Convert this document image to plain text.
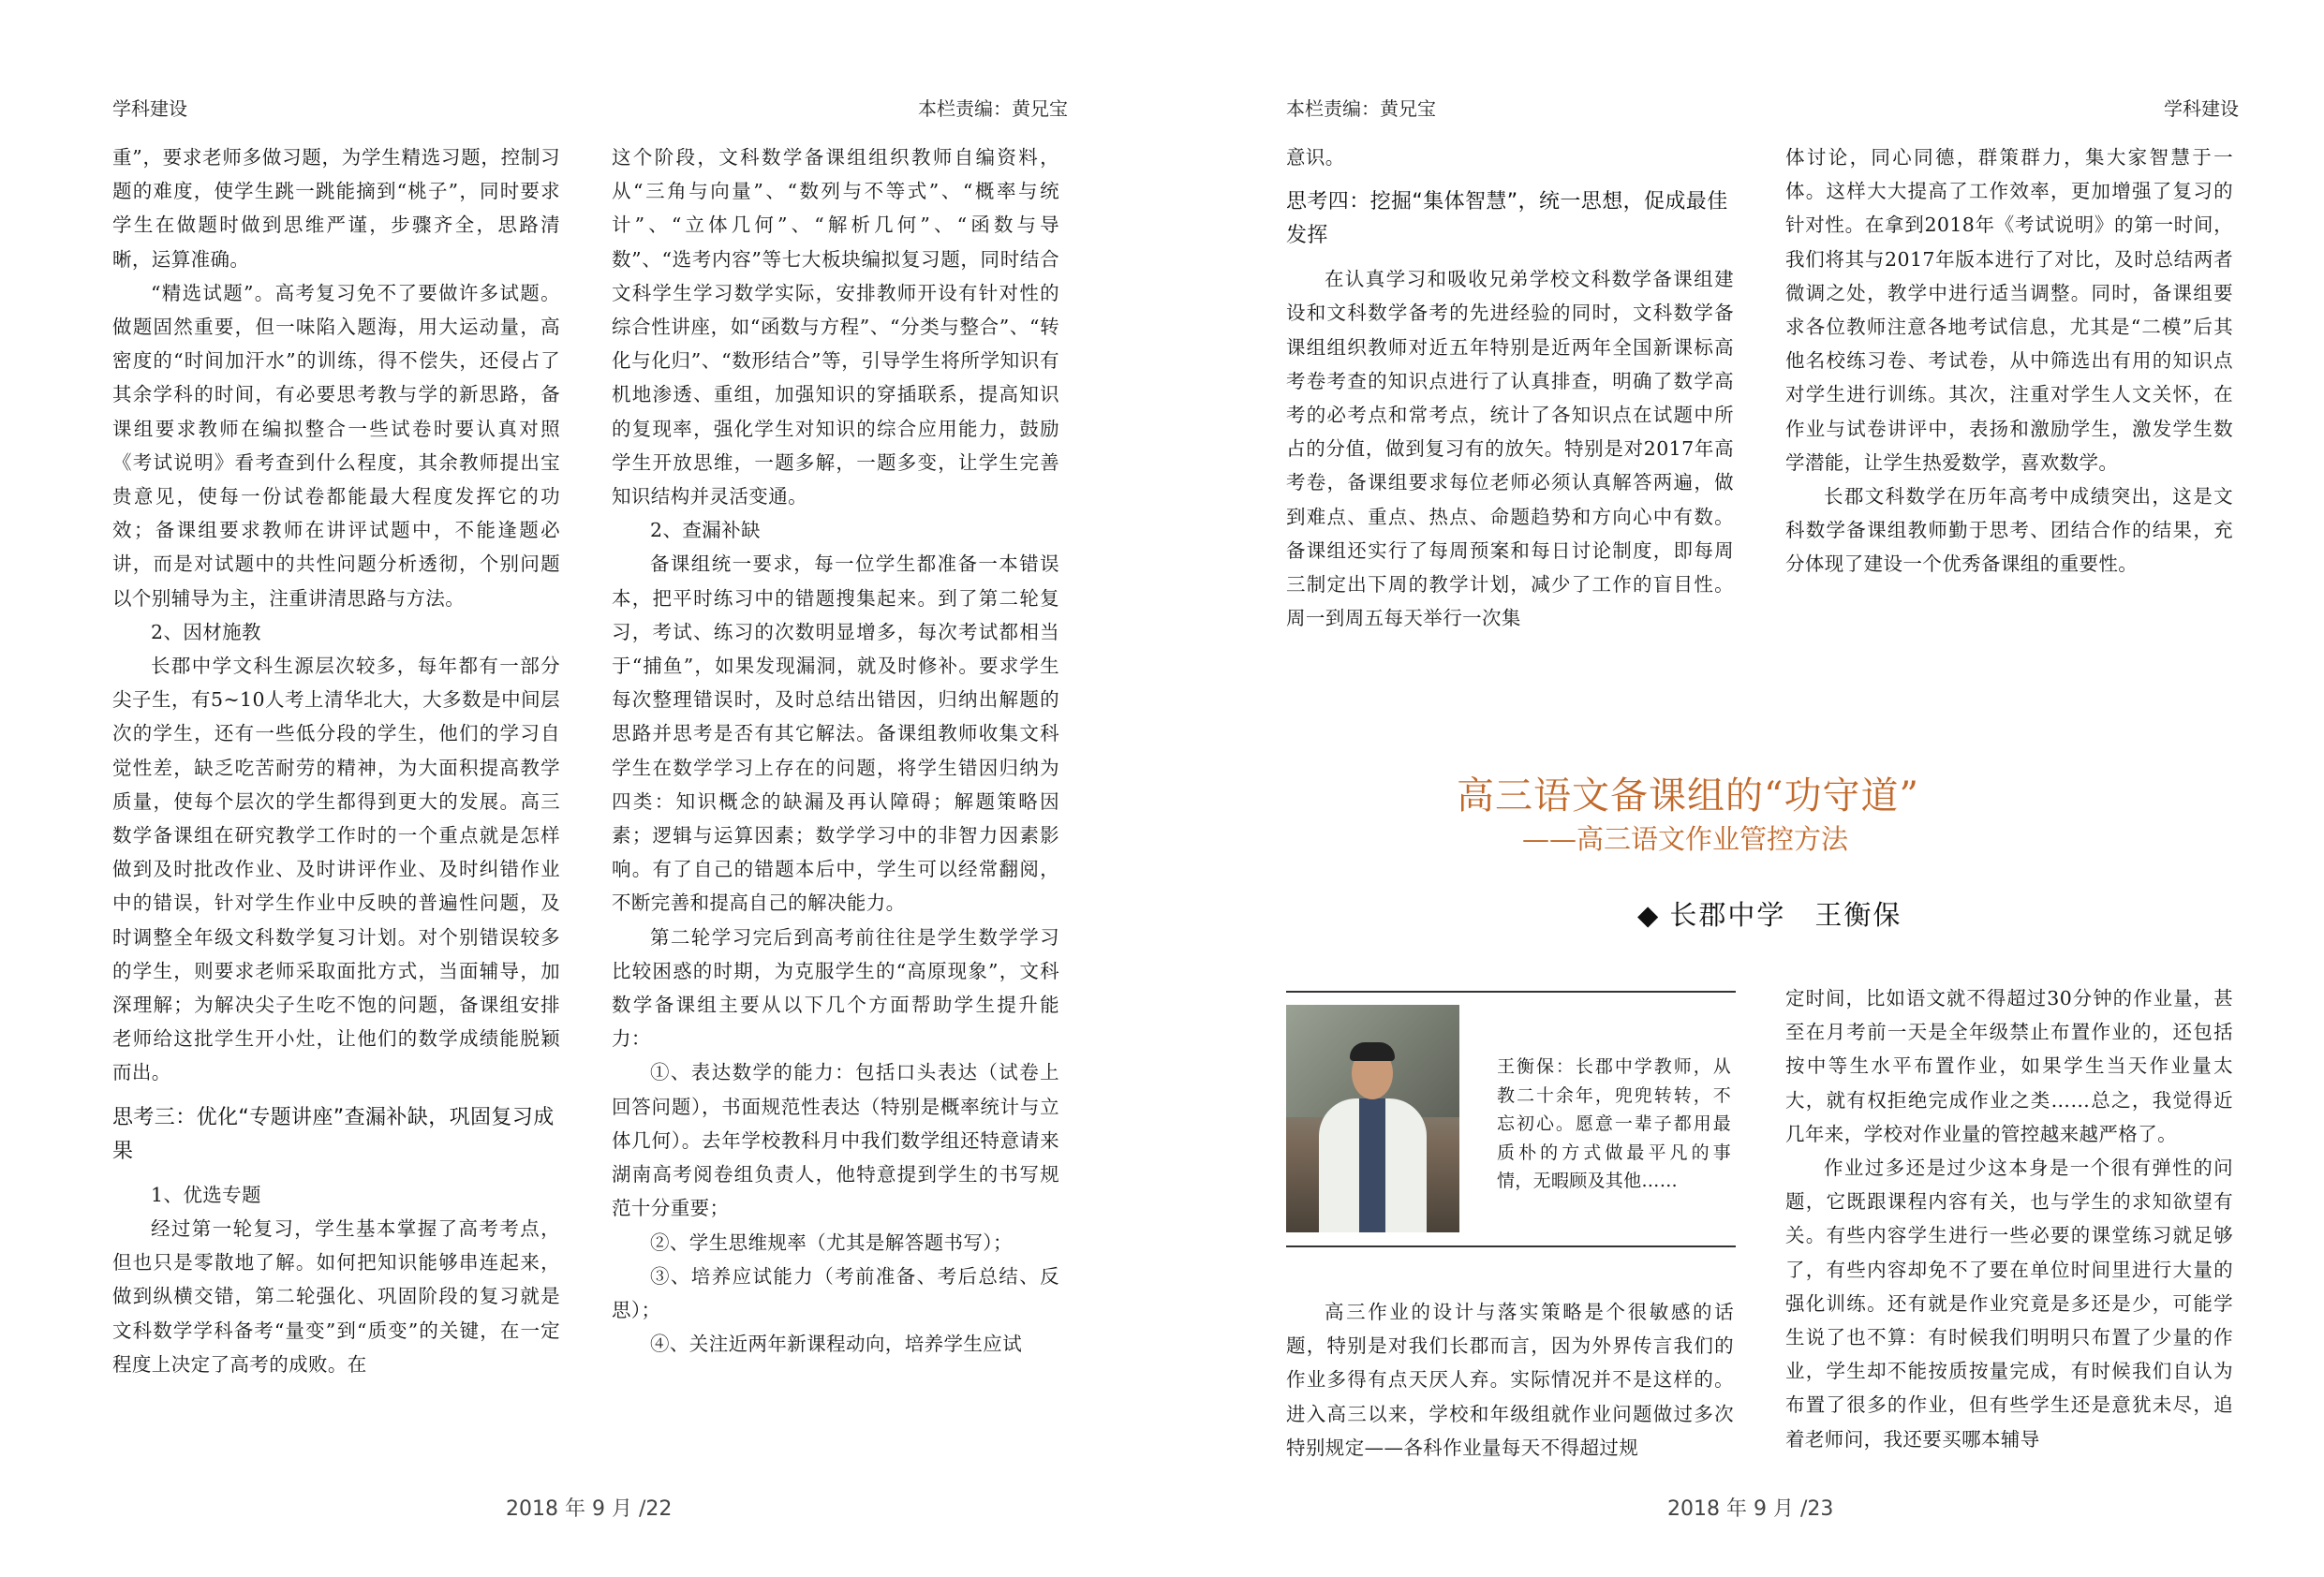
学科建设	本栏责编：黄兄宝

重”，要求老师多做习题，为学生精选习题，控制习题的难度，使学生跳一跳能摘到“桃子”，同时要求学生在做题时做到思维严谨，步骤齐全，思路清晰，运算准确。

“精选试题”。高考复习免不了要做许多试题。做题固然重要，但一味陷入题海，用大运动量，高密度的“时间加汗水”的训练，得不偿失，还侵占了其余学科的时间，有必要思考教与学的新思路，备课组要求教师在编拟整合一些试卷时要认真对照《考试说明》看考查到什么程度，其余教师提出宝贵意见，使每一份试卷都能最大程度发挥它的功效；备课组要求教师在讲评试题中，不能逢题必讲，而是对试题中的共性问题分析透彻，个别问题以个别辅导为主，注重讲清思路与方法。

2、因材施教

长郡中学文科生源层次较多，每年都有一部分尖子生，有5~10人考上清华北大，大多数是中间层次的学生，还有一些低分段的学生，他们的学习自觉性差，缺乏吃苦耐劳的精神，为大面积提高教学质量，使每个层次的学生都得到更大的发展。高三数学备课组在研究教学工作时的一个重点就是怎样做到及时批改作业、及时讲评作业、及时纠错作业中的错误，针对学生作业中反映的普遍性问题，及时调整全年级文科数学复习计划。对个别错误较多的学生，则要求老师采取面批方式，当面辅导，加深理解；为解决尖子生吃不饱的问题，备课组安排老师给这批学生开小灶，让他们的数学成绩能脱颖而出。

思考三：优化“专题讲座”查漏补缺，巩固复习成果

1、优选专题

经过第一轮复习，学生基本掌握了高考考点，但也只是零散地了解。如何把知识能够串连起来，做到纵横交错，第二轮强化、巩固阶段的复习就是文科数学学科备考“量变”到“质变”的关键，在一定程度上决定了高考的成败。在

这个阶段，文科数学备课组组织教师自编资料，从“三角与向量”、“数列与不等式”、“概率与统计”、“立体几何”、“解析几何”、“函数与导数”、“选考内容”等七大板块编拟复习题，同时结合文科学生学习数学实际，安排教师开设有针对性的综合性讲座，如“函数与方程”、“分类与整合”、“转化与化归”、“数形结合”等，引导学生将所学知识有机地渗透、重组，加强知识的穿插联系，提高知识的复现率，强化学生对知识的综合应用能力，鼓励学生开放思维，一题多解，一题多变，让学生完善知识结构并灵活变通。

2、查漏补缺

备课组统一要求，每一位学生都准备一本错误本，把平时练习中的错题搜集起来。到了第二轮复习，考试、练习的次数明显增多，每次考试都相当于“捕鱼”，如果发现漏洞，就及时修补。要求学生每次整理错误时，及时总结出错因，归纳出解题的思路并思考是否有其它解法。备课组教师收集文科学生在数学学习上存在的问题，将学生错因归纳为四类：知识概念的缺漏及再认障碍；解题策略因素；逻辑与运算因素；数学学习中的非智力因素影响。有了自己的错题本后中，学生可以经常翻阅，不断完善和提高自己的解决能力。

第二轮学习完后到高考前往往是学生数学学习比较困惑的时期，为克服学生的“高原现象”，文科数学备课组主要从以下几个方面帮助学生提升能力：

①、表达数学的能力：包括口头表达（试卷上回答问题），书面规范性表达（特别是概率统计与立体几何）。去年学校教科月中我们数学组还特意请来湖南高考阅卷组负责人，他特意提到学生的书写规范十分重要；

②、学生思维规率（尤其是解答题书写）；

③、培养应试能力（考前准备、考后总结、反思）；

④、关注近两年新课程动向，培养学生应试

2018 年 9 月 /22
本栏责编：黄兄宝	学科建设

意识。

思考四：挖掘“集体智慧”，统一思想，促成最佳发挥

在认真学习和吸收兄弟学校文科数学备课组建设和文科数学备考的先进经验的同时，文科数学备课组组织教师对近五年特别是近两年全国新课标高考卷考查的知识点进行了认真排查，明确了数学高考的必考点和常考点，统计了各知识点在试题中所占的分值，做到复习有的放矢。特别是对2017年高考卷，备课组要求每位老师必须认真解答两遍，做到难点、重点、热点、命题趋势和方向心中有数。备课组还实行了每周预案和每日讨论制度，即每周三制定出下周的教学计划，减少了工作的盲目性。周一到周五每天举行一次集

体讨论，同心同德，群策群力，集大家智慧于一体。这样大大提高了工作效率，更加增强了复习的针对性。在拿到2018年《考试说明》的第一时间，我们将其与2017年版本进行了对比，及时总结两者微调之处，教学中进行适当调整。同时，备课组要求各位教师注意各地考试信息，尤其是“二模”后其他名校练习卷、考试卷，从中筛选出有用的知识点对学生进行训练。其次，注重对学生人文关怀，在作业与试卷讲评中，表扬和激励学生，激发学生数学潜能，让学生热爱数学，喜欢数学。

长郡文科数学在历年高考中成绩突出，这是文科数学备课组教师勤于思考、团结合作的结果，充分体现了建设一个优秀备课组的重要性。

2018 年 9 月 /23
高三语文备课组的“功守道”
——高三语文作业管控方法
◆ 长郡中学　王衡保
王衡保：长郡中学教师，从教二十余年，兜兜转转，不忘初心。愿意一辈子都用最质朴的方式做最平凡的事情，无暇顾及其他……

高三作业的设计与落实策略是个很敏感的话题，特别是对我们长郡而言，因为外界传言我们的作业多得有点天厌人弃。实际情况并不是这样的。进入高三以来，学校和年级组就作业问题做过多次特别规定——各科作业量每天不得超过规

定时间，比如语文就不得超过30分钟的作业量，甚至在月考前一天是全年级禁止布置作业的，还包括按中等生水平布置作业，如果学生当天作业量太大，就有权拒绝完成作业之类……总之，我觉得近几年来，学校对作业量的管控越来越严格了。

作业过多还是过少这本身是一个很有弹性的问题，它既跟课程内容有关，也与学生的求知欲望有关。有些内容学生进行一些必要的课堂练习就足够了，有些内容却免不了要在单位时间里进行大量的强化训练。还有就是作业究竟是多还是少，可能学生说了也不算：有时候我们明明只布置了少量的作业，学生却不能按质按量完成，有时候我们自认为布置了很多的作业，但有些学生还是意犹未尽，追着老师问，我还要买哪本辅导
